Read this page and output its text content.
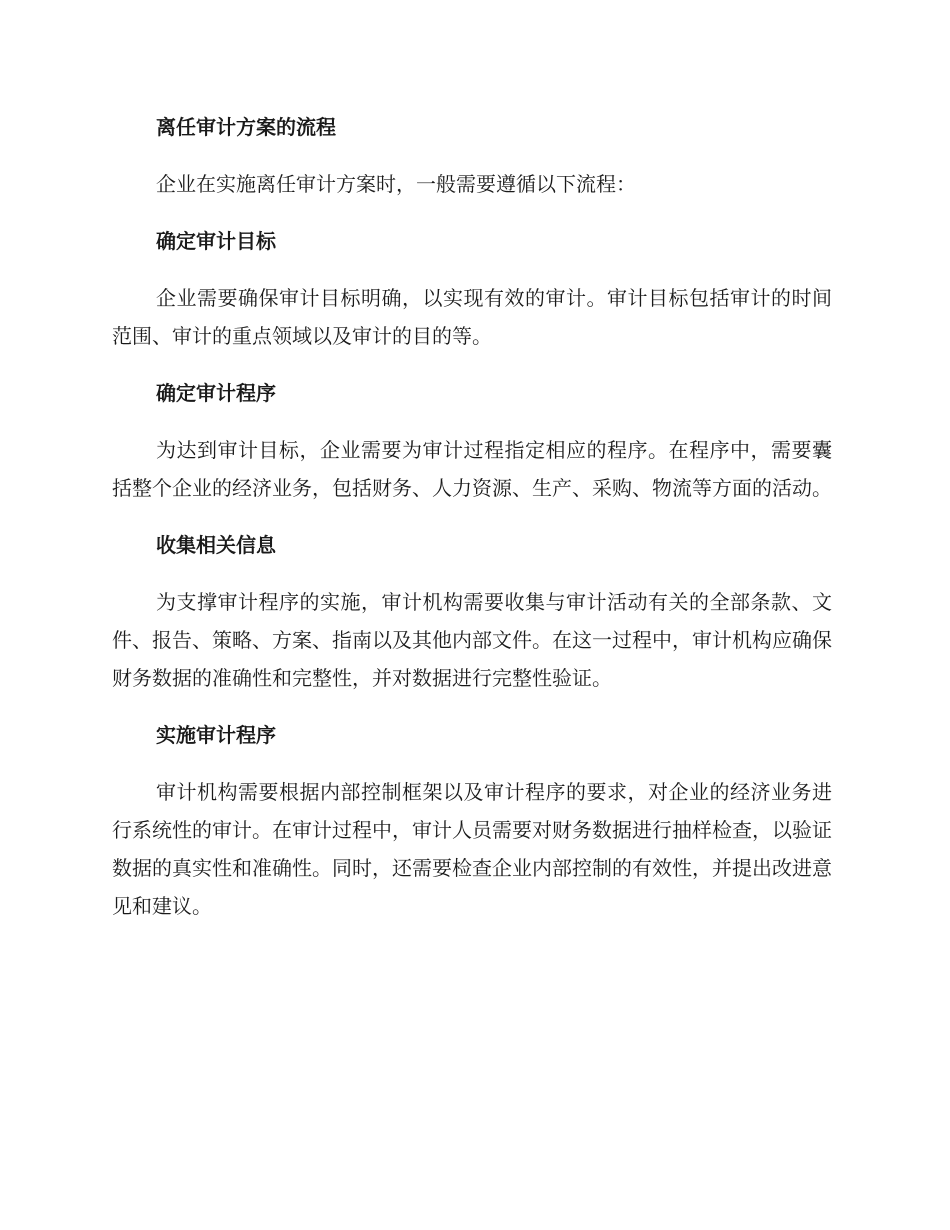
离任审计方案的流程
企业在实施离任审计方案时，一般需要遵循以下流程：
确定审计目标
企业需要确保审计目标明确，以实现有效的审计。审计目标包括审计的时间范围、审计的重点领域以及审计的目的等。
确定审计程序
为达到审计目标，企业需要为审计过程指定相应的程序。在程序中，需要囊括整个企业的经济业务，包括财务、人力资源、生产、采购、物流等方面的活动。
收集相关信息
为支撑审计程序的实施，审计机构需要收集与审计活动有关的全部条款、文件、报告、策略、方案、指南以及其他内部文件。在这一过程中，审计机构应确保财务数据的准确性和完整性，并对数据进行完整性验证。
实施审计程序
审计机构需要根据内部控制框架以及审计程序的要求，对企业的经济业务进行系统性的审计。在审计过程中，审计人员需要对财务数据进行抽样检查，以验证数据的真实性和准确性。同时，还需要检查企业内部控制的有效性，并提出改进意见和建议。
